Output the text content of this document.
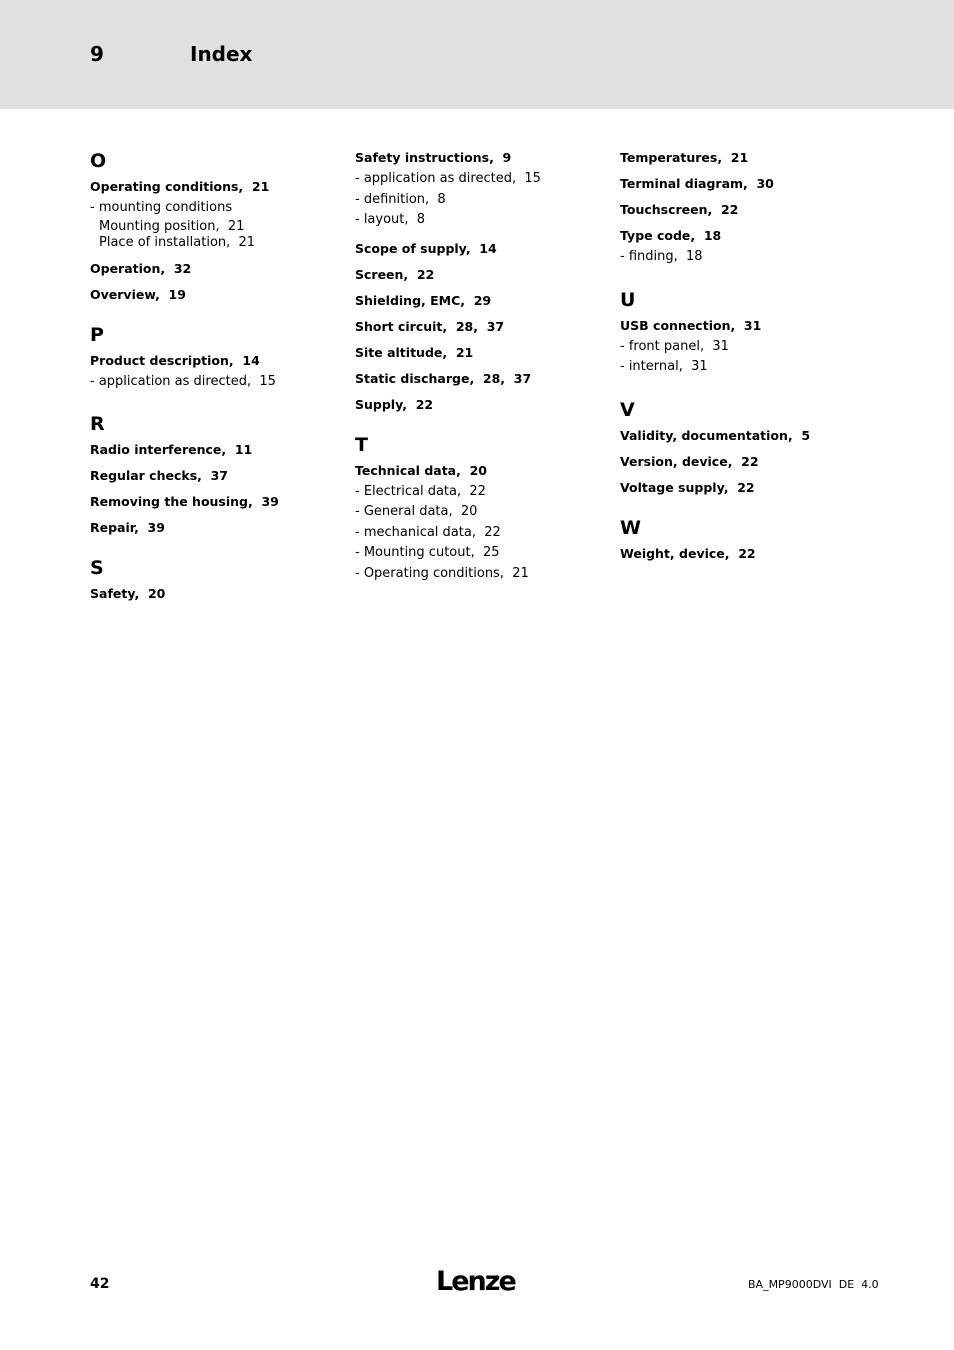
9	Index
O
Operating conditions,  21
- mounting conditions
Mounting position,  21
Place of installation,  21
Operation,  32
Overview,  19
P
Product description,  14
- application as directed,  15
R
Radio interference,  11
Regular checks,  37
Removing the housing,  39
Repair,  39
S
Safety,  20
Safety instructions,  9
- application as directed,  15
- definition,  8
- layout,  8
Scope of supply,  14
Screen,  22
Shielding, EMC,  29
Short circuit,  28,  37
Site altitude,  21
Static discharge,  28,  37
Supply,  22
T
Technical data,  20
- Electrical data,  22
- General data,  20
- mechanical data,  22
- Mounting cutout,  25
- Operating conditions,  21
Temperatures,  21
Terminal diagram,  30
Touchscreen,  22
Type code,  18
- finding,  18
U
USB connection,  31
- front panel,  31
- internal,  31
V
Validity, documentation,  5
Version, device,  22
Voltage supply,  22
W
Weight, device,  22
42	Lenze	BA_MP9000DVI  DE  4.0
